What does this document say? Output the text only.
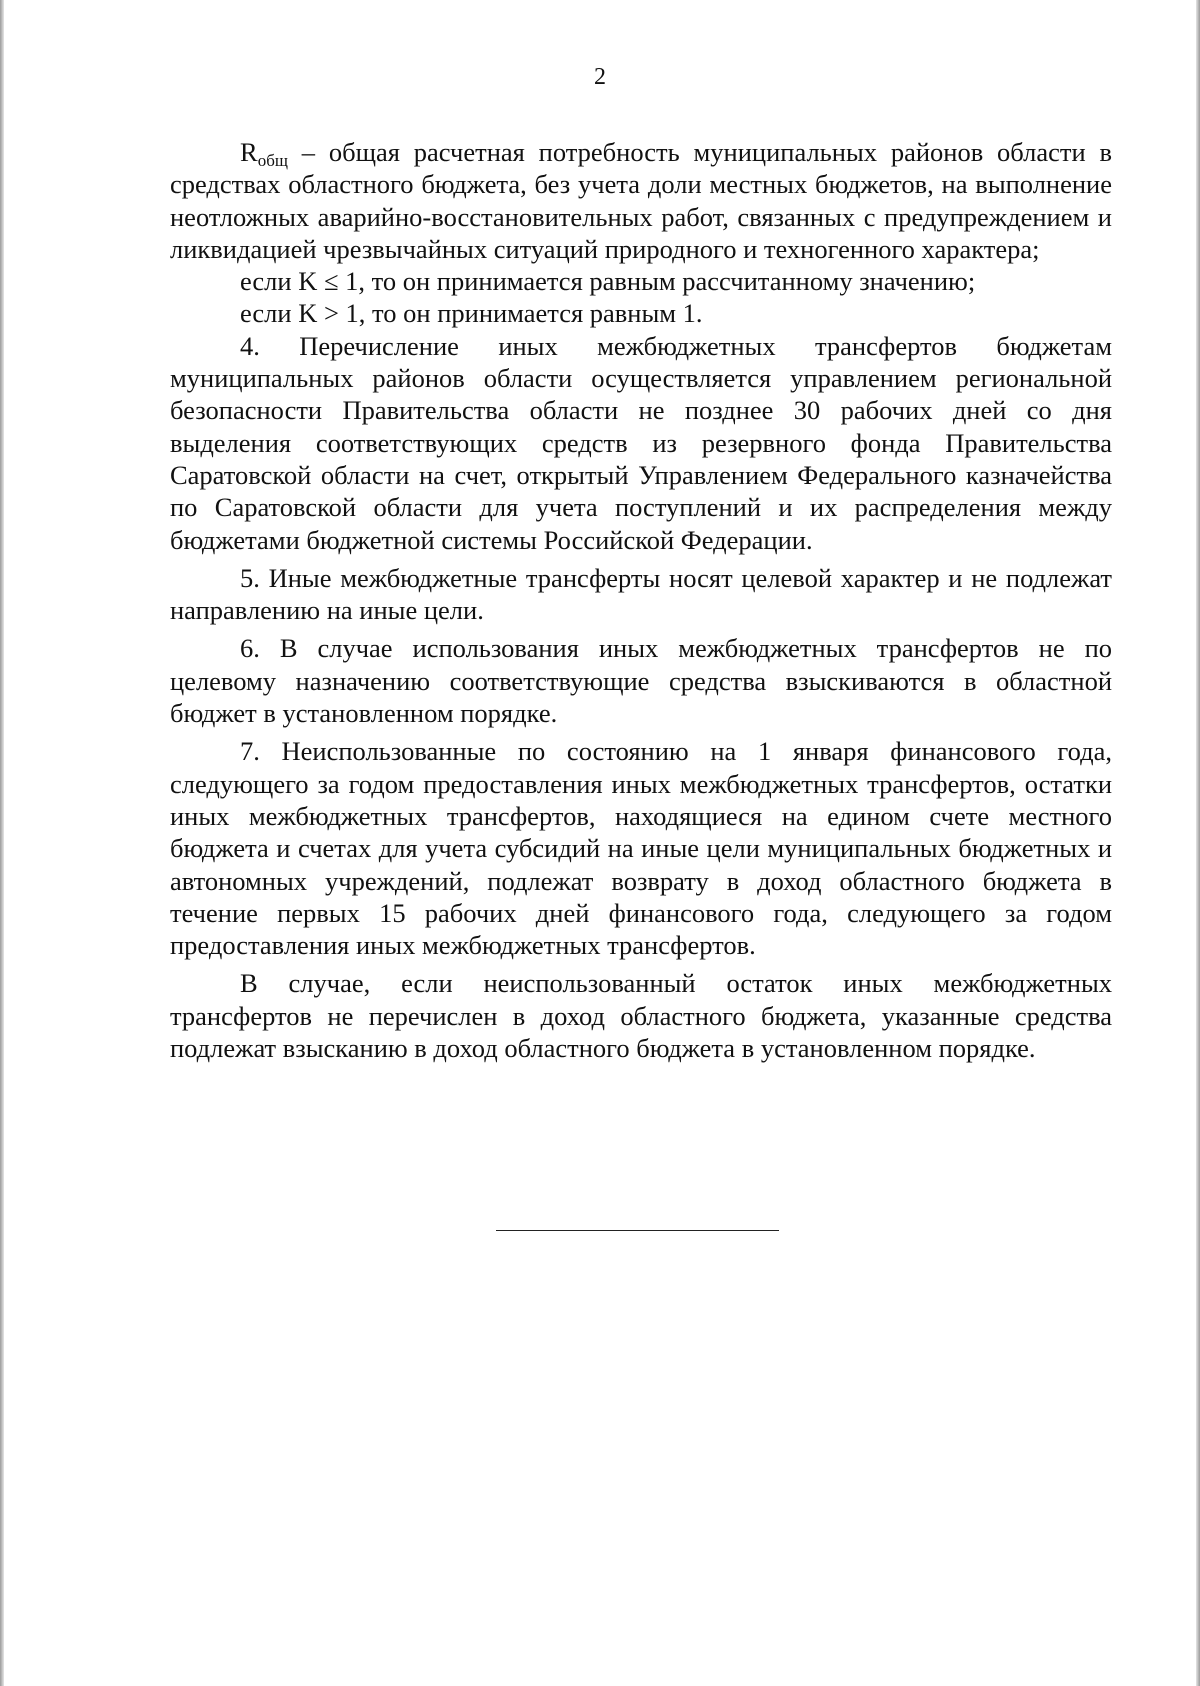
2

$R_{общ}$ – общая расчетная потребность муниципальных районов области в средствах областного бюджета, без учета доли местных бюджетов, на выполнение неотложных аварийно-восстановительных работ, связанных с предупреждением и ликвидацией чрезвычайных ситуаций природного и техногенного характера;

если K ≤ 1, то он принимается равным рассчитанному значению;

если K > 1, то он принимается равным 1.

4. Перечисление иных межбюджетных трансфертов бюджетам муниципальных районов области осуществляется управлением региональной безопасности Правительства области не позднее 30 рабочих дней со дня выделения соответствующих средств из резервного фонда Правительства Саратовской области на счет, открытый Управлением Федерального казначейства по Саратовской области для учета поступлений и их распределения между бюджетами бюджетной системы Российской Федерации.

5. Иные межбюджетные трансферты носят целевой характер и не подлежат направлению на иные цели.

6. В случае использования иных межбюджетных трансфертов не по целевому назначению соответствующие средства взыскиваются в областной бюджет в установленном порядке.

7. Неиспользованные по состоянию на 1 января финансового года, следующего за годом предоставления иных межбюджетных трансфертов, остатки иных межбюджетных трансфертов, находящиеся на едином счете местного бюджета и счетах для учета субсидий на иные цели муниципальных бюджетных и автономных учреждений, подлежат возврату в доход областного бюджета в течение первых 15 рабочих дней финансового года, следующего за годом предоставления иных межбюджетных трансфертов.

В случае, если неиспользованный остаток иных межбюджетных трансфертов не перечислен в доход областного бюджета, указанные средства подлежат взысканию в доход областного бюджета в установленном порядке.
